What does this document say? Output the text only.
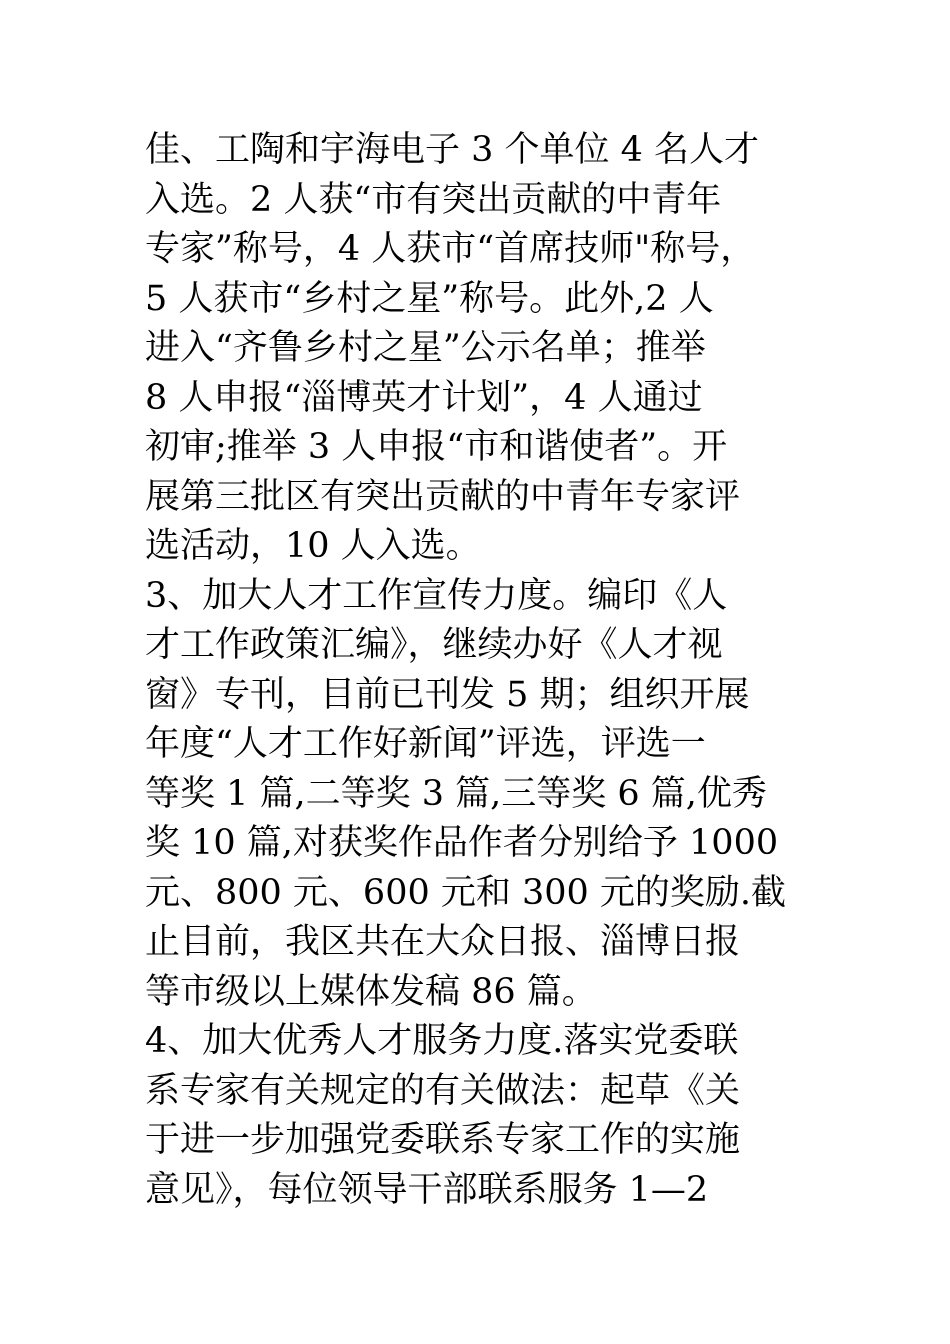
佳、工陶和宇海电子 3 个单位 4 名人才
入选。2 人获“市有突出贡献的中青年
专家”称号，4 人获市“首席技师"称号，
5 人获市“乡村之星”称号。此外,2 人
进入“齐鲁乡村之星”公示名单；推举
8 人申报“淄博英才计划”，4 人通过
初审;推举 3 人申报“市和谐使者”。开
展第三批区有突出贡献的中青年专家评
选活动，10 人入选。
3、加大人才工作宣传力度。编印《人
才工作政策汇编》，继续办好《人才视
窗》专刊，目前已刊发 5 期；组织开展
年度“人才工作好新闻”评选，评选一
等奖 1 篇,二等奖 3 篇,三等奖 6 篇,优秀
奖 10 篇,对获奖作品作者分别给予 1000
元、800 元、600 元和 300 元的奖励.截
止目前，我区共在大众日报、淄博日报
等市级以上媒体发稿 86 篇。
4、加大优秀人才服务力度.落实党委联
系专家有关规定的有关做法：起草《关
于进一步加强党委联系专家工作的实施
意见》，每位领导干部联系服务 1—2
